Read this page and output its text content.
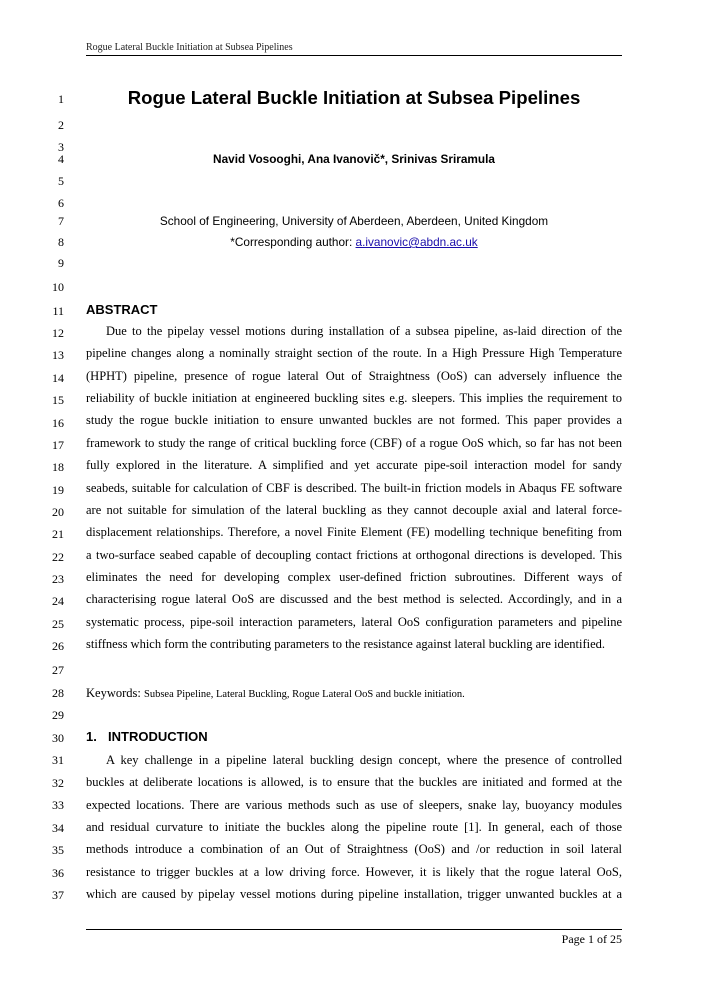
Rogue Lateral Buckle Initiation at Subsea Pipelines
1
2
3
4
5
6
7
8
9
10
11
12
13
14
15
16
17
18
19
20
21
22
23
24
25
26
27
28
29
30
31
32
33
34
35
36
37
Rogue Lateral Buckle Initiation at Subsea Pipelines
Navid Vosooghi, Ana Ivanovič*, Srinivas Sriramula
School of Engineering, University of Aberdeen, Aberdeen, United Kingdom
*Corresponding author: a.ivanovic@abdn.ac.uk
ABSTRACT
Due to the pipelay vessel motions during installation of a subsea pipeline, as-laid direction of the
pipeline changes along a nominally straight section of the route. In a High Pressure High Temperature
(HPHT) pipeline, presence of rogue lateral Out of Straightness (OoS) can adversely influence the
reliability of buckle initiation at engineered buckling sites e.g. sleepers. This implies the requirement to
study the rogue buckle initiation to ensure unwanted buckles are not formed. This paper provides a
framework to study the range of critical buckling force (CBF) of a rogue OoS which, so far has not been
fully explored in the literature. A simplified and yet accurate pipe-soil interaction model for sandy
seabeds, suitable for calculation of CBF is described. The built-in friction models in Abaqus FE software
are not suitable for simulation of the lateral buckling as they cannot decouple axial and lateral force-
displacement relationships. Therefore, a novel Finite Element (FE) modelling technique benefiting from
a two-surface seabed capable of decoupling contact frictions at orthogonal directions is developed. This
eliminates the need for developing complex user-defined friction subroutines. Different ways of
characterising rogue lateral OoS are discussed and the best method is selected. Accordingly, and in a
systematic process, pipe-soil interaction parameters, lateral OoS configuration parameters and pipeline
stiffness which form the contributing parameters to the resistance against lateral buckling are identified.
Keywords: Subsea Pipeline, Lateral Buckling, Rogue Lateral OoS and buckle initiation.
1. INTRODUCTION
A key challenge in a pipeline lateral buckling design concept, where the presence of controlled
buckles at deliberate locations is allowed, is to ensure that the buckles are initiated and formed at the
expected locations. There are various methods such as use of sleepers, snake lay, buoyancy modules
and residual curvature to initiate the buckles along the pipeline route [1]. In general, each of those
methods introduce a combination of an Out of Straightness (OoS) and /or reduction in soil lateral
resistance to trigger buckles at a low driving force. However, it is likely that the rogue lateral OoS,
which are caused by pipelay vessel motions during pipeline installation, trigger unwanted buckles at a
Page 1 of 25
